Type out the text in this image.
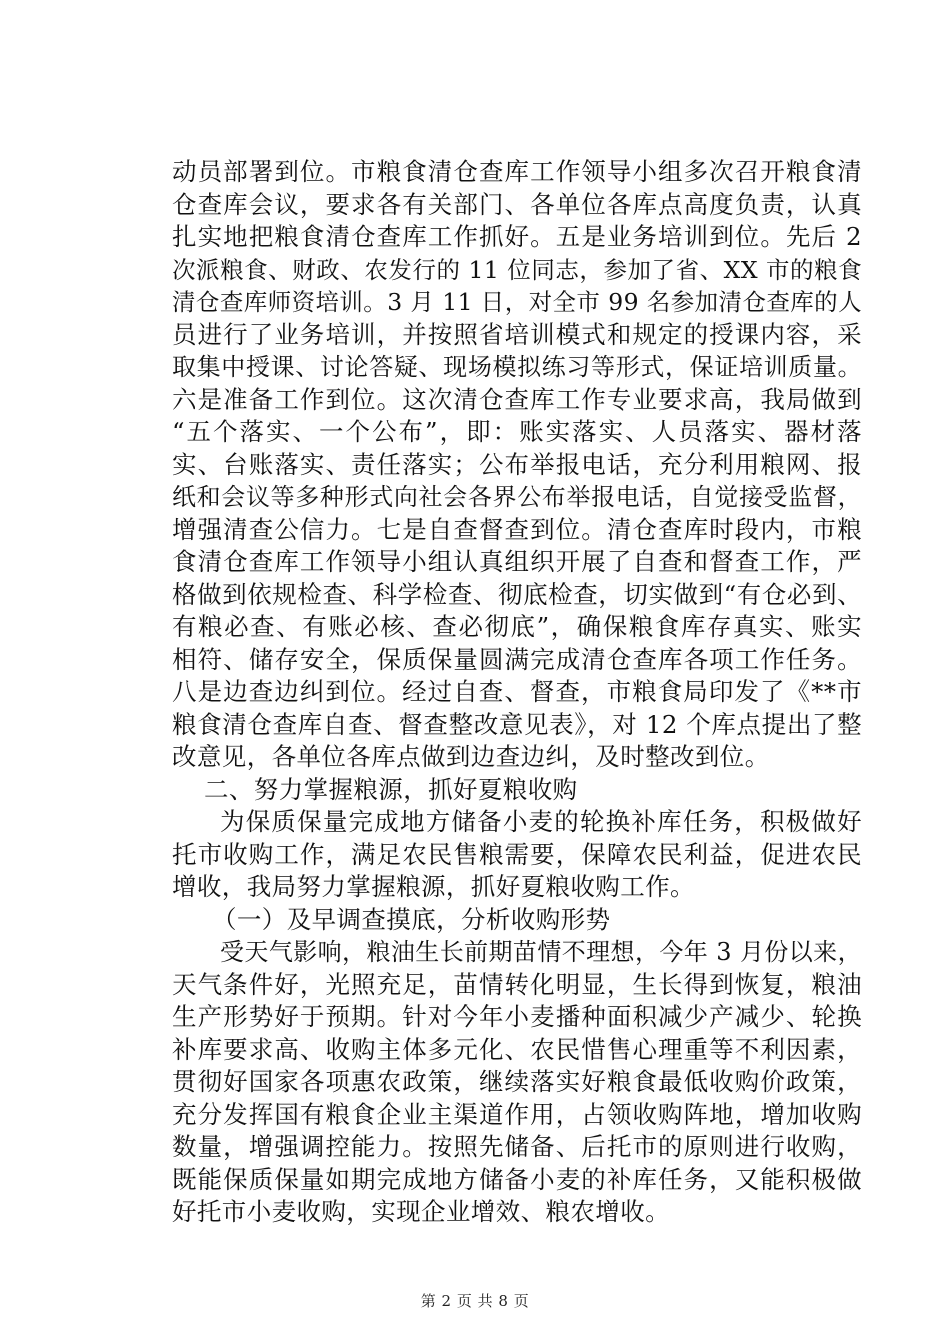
动员部署到位。市粮食清仓查库工作领导小组多次召开粮食清
仓查库会议，要求各有关部门、各单位各库点高度负责，认真
扎实地把粮食清仓查库工作抓好。五是业务培训到位。先后 2
次派粮食、财政、农发行的 11 位同志，参加了省、XX 市的粮食
清仓查库师资培训。3 月 11 日，对全市 99 名参加清仓查库的人
员进行了业务培训，并按照省培训模式和规定的授课内容，采
取集中授课、讨论答疑、现场模拟练习等形式，保证培训质量。
六是准备工作到位。这次清仓查库工作专业要求高，我局做到
“五个落实、一个公布”，即：账实落实、人员落实、器材落
实、台账落实、责任落实；公布举报电话，充分利用粮网、报
纸和会议等多种形式向社会各界公布举报电话，自觉接受监督，
增强清查公信力。七是自查督查到位。清仓查库时段内，市粮
食清仓查库工作领导小组认真组织开展了自查和督查工作，严
格做到依规检查、科学检查、彻底检查，切实做到“有仓必到、
有粮必查、有账必核、查必彻底”，确保粮食库存真实、账实
相符、储存安全，保质保量圆满完成清仓查库各项工作任务。
八是边查边纠到位。经过自查、督查，市粮食局印发了《**市
粮食清仓查库自查、督查整改意见表》，对 12 个库点提出了整
改意见，各单位各库点做到边查边纠，及时整改到位。
二、努力掌握粮源，抓好夏粮收购
为保质保量完成地方储备小麦的轮换补库任务，积极做好
托市收购工作，满足农民售粮需要，保障农民利益，促进农民
增收，我局努力掌握粮源，抓好夏粮收购工作。
（一）及早调查摸底，分析收购形势
受天气影响，粮油生长前期苗情不理想，今年 3 月份以来，
天气条件好，光照充足，苗情转化明显，生长得到恢复，粮油
生产形势好于预期。针对今年小麦播种面积减少产减少、轮换
补库要求高、收购主体多元化、农民惜售心理重等不利因素，
贯彻好国家各项惠农政策，继续落实好粮食最低收购价政策，
充分发挥国有粮食企业主渠道作用，占领收购阵地，增加收购
数量，增强调控能力。按照先储备、后托市的原则进行收购，
既能保质保量如期完成地方储备小麦的补库任务，又能积极做
好托市小麦收购，实现企业增效、粮农增收。
第 2 页 共 8 页
